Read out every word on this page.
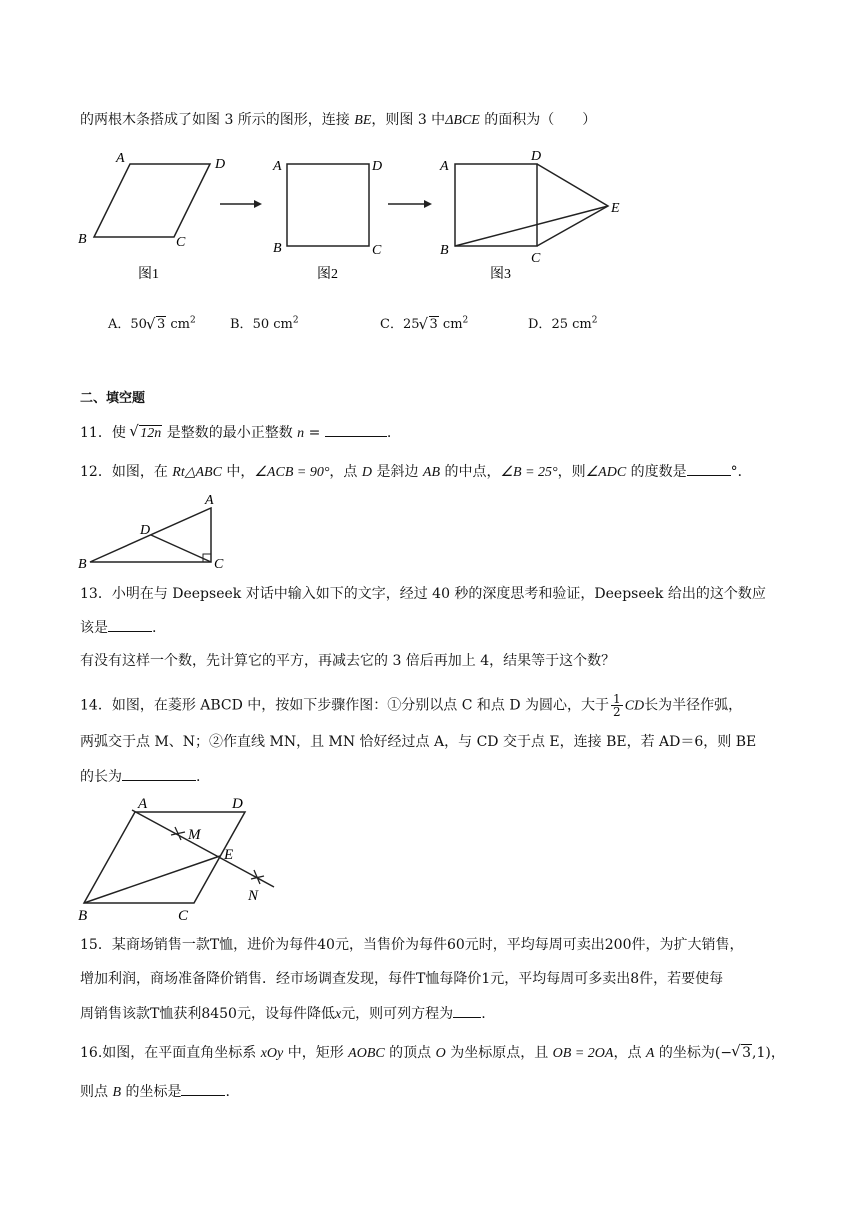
的两根木条搭成了如图 3 所示的图形，连接 BE，则图 3 中ΔBCE 的面积为（　　）
A	D
B	C
图1
A	D
B	C
图2
A
D
E
B
C
图3
A．50 √ 3 $cm^2$	B．50 $cm^2$	C．25 √ 3 $cm^2$	D．25 $cm^2$
二、填空题
11．使 √ 12n 是整数的最小正整数 n =	.
12．如图，在 Rt△ABC 中，∠ACB = 90°，点 D 是斜边 AB 的中点，∠B = 25°，则∠ADC 的度数是	°．
A
D
B	C
13．小明在与 Deepseek 对话中输入如下的文字，经过 40 秒的深度思考和验证，Deepseek 给出的这个数应
该是	.
有没有这样一个数，先计算它的平方，再减去它的 3 倍后再加上 4，结果等于这个数？
14．如图，在菱形 ABCD 中，按如下步骤作图：①分别以点 C 和点 D 为圆心，大于 $\frac{1}{2}$ CD长为半径作弧，
两弧交于点 M、N；②作直线 MN，且 MN 恰好经过点 A，与 CD 交于点 E，连接 BE，若 AD＝6，则 BE
的长为	.
A	D
M
E
N
B	C
15．某商场销售一款T恤，进价为每件40元，当售价为每件60元时，平均每周可卖出200件，为扩大销售，
增加利润，商场准备降价销售．经市场调查发现，每件T恤每降价1元，平均每周可多卖出8件，若要使每
周销售该款T恤获利8450元，设每件降低x元，则可列方程为 .
16.如图，在平面直角坐标系 xOy 中，矩形 AOBC 的顶点 O 为坐标原点，且 OB = 2OA，点 A 的坐标为(− √ 3,1)，
则点 B 的坐标是	.
